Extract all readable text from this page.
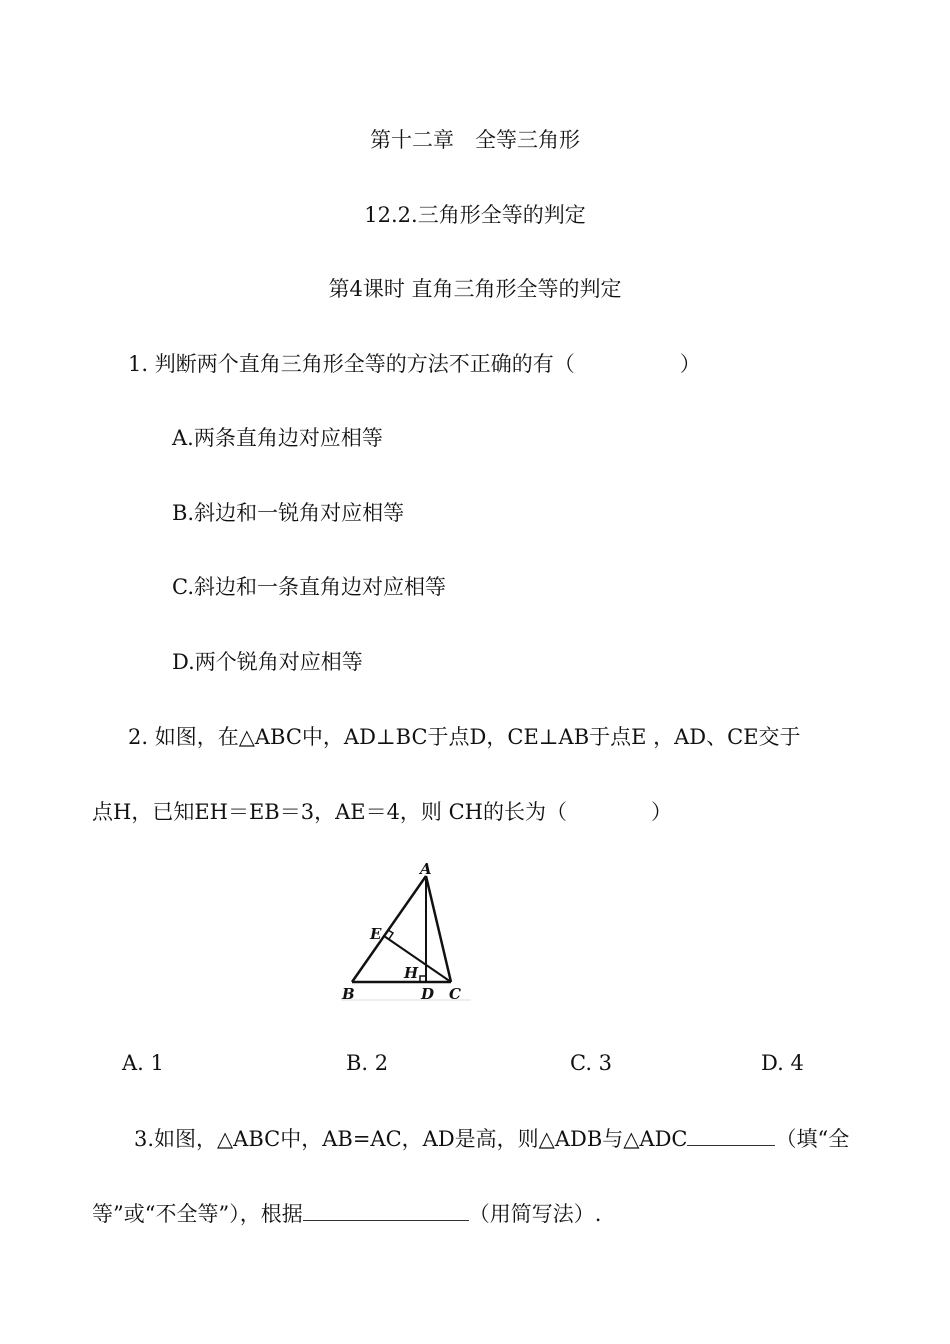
第十二章　全等三角形
12.2.三角形全等的判定
第4课时 直角三角形全等的判定
1. 判断两个直角三角形全等的方法不正确的有（　　　　　）
A.两条直角边对应相等
B.斜边和一锐角对应相等
C.斜边和一条直角边对应相等
D.两个锐角对应相等
2. 如图，在△ABC中，AD⊥BC于点D，CE⊥AB于点E ，AD、CE交于
点H，已知EH＝EB＝3，AE＝4，则 CH的长为（　　　　）
A
E
H
B	D C
A. 1	B. 2	C. 3	D. 4
3.如图，△ABC中，AB=AC，AD是高，则△ADB与△ADC	（填“全
等”或“不全等”），根据	（用简写法）.
